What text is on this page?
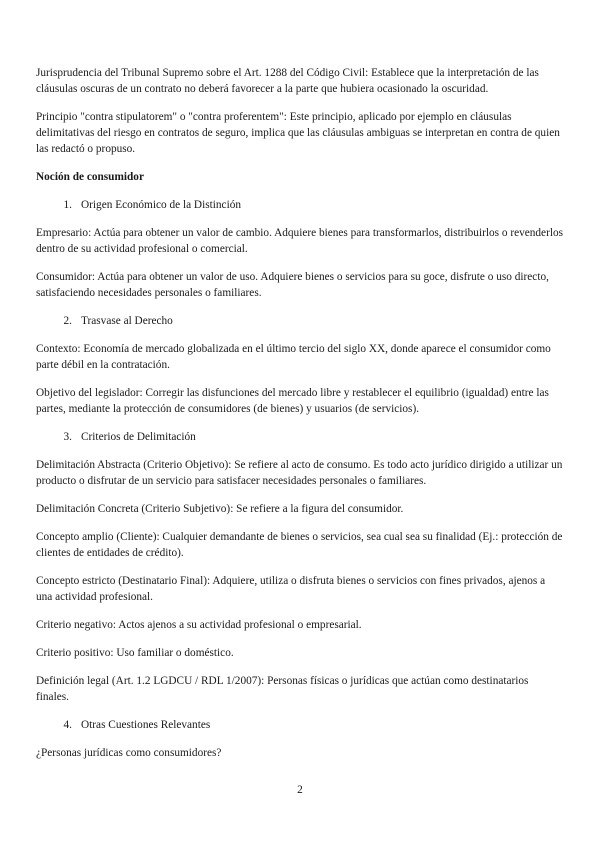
Jurisprudencia del Tribunal Supremo sobre el Art. 1288 del Código Civil: Establece que la interpretación de las cláusulas oscuras de un contrato no deberá favorecer a la parte que hubiera ocasionado la oscuridad.

Principio "contra stipulatorem" o "contra proferentem": Este principio, aplicado por ejemplo en cláusulas delimitativas del riesgo en contratos de seguro, implica que las cláusulas ambiguas se interpretan en contra de quien las redactó o propuso.

Noción de consumidor

1. Origen Económico de la Distinción

Empresario: Actúa para obtener un valor de cambio. Adquiere bienes para transformarlos, distribuirlos o revenderlos dentro de su actividad profesional o comercial.

Consumidor: Actúa para obtener un valor de uso. Adquiere bienes o servicios para su goce, disfrute o uso directo, satisfaciendo necesidades personales o familiares.

2. Trasvase al Derecho

Contexto: Economía de mercado globalizada en el último tercio del siglo XX, donde aparece el consumidor como parte débil en la contratación.

Objetivo del legislador: Corregir las disfunciones del mercado libre y restablecer el equilibrio (igualdad) entre las partes, mediante la protección de consumidores (de bienes) y usuarios (de servicios).

3. Criterios de Delimitación

Delimitación Abstracta (Criterio Objetivo): Se refiere al acto de consumo. Es todo acto jurídico dirigido a utilizar un producto o disfrutar de un servicio para satisfacer necesidades personales o familiares.

Delimitación Concreta (Criterio Subjetivo): Se refiere a la figura del consumidor.

Concepto amplio (Cliente): Cualquier demandante de bienes o servicios, sea cual sea su finalidad (Ej.: protección de clientes de entidades de crédito).

Concepto estricto (Destinatario Final): Adquiere, utiliza o disfruta bienes o servicios con fines privados, ajenos a una actividad profesional.

Criterio negativo: Actos ajenos a su actividad profesional o empresarial.

Criterio positivo: Uso familiar o doméstico.

Definición legal (Art. 1.2 LGDCU / RDL 1/2007): Personas físicas o jurídicas que actúan como destinatarios finales.

4. Otras Cuestiones Relevantes

¿Personas jurídicas como consumidores?

2
